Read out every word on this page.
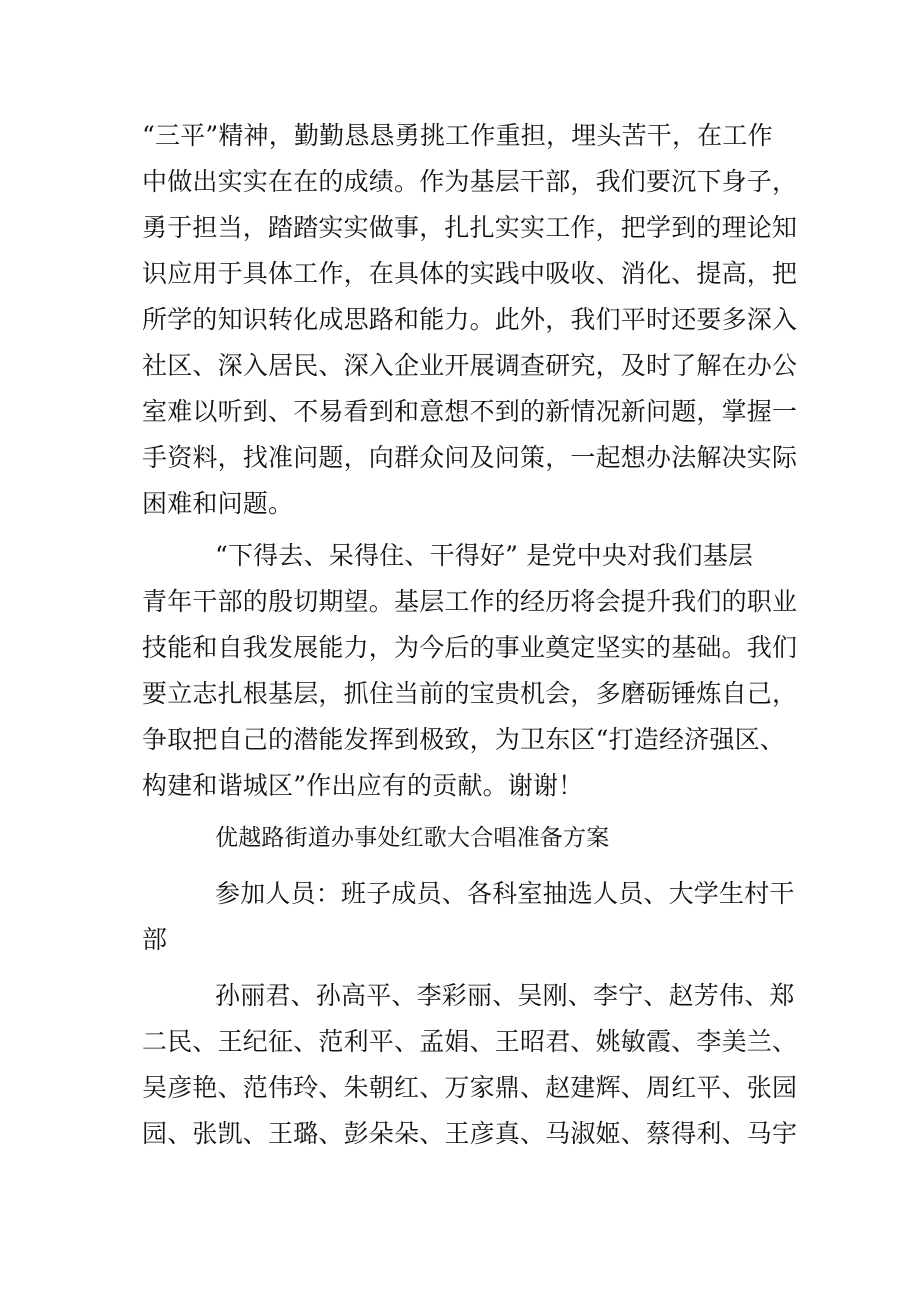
“三平”精神，勤勤恳恳勇挑工作重担，埋头苦干，在工作
中做出实实在在的成绩。作为基层干部，我们要沉下身子，
勇于担当，踏踏实实做事，扎扎实实工作，把学到的理论知
识应用于具体工作，在具体的实践中吸收、消化、提高，把
所学的知识转化成思路和能力。此外，我们平时还要多深入
社区、深入居民、深入企业开展调查研究，及时了解在办公
室难以听到、不易看到和意想不到的新情况新问题，掌握一
手资料，找准问题，向群众问及问策，一起想办法解决实际
困难和问题。
“下得去、呆得住、干得好” 是党中央对我们基层
青年干部的殷切期望。基层工作的经历将会提升我们的职业
技能和自我发展能力，为今后的事业奠定坚实的基础。我们
要立志扎根基层，抓住当前的宝贵机会，多磨砺锤炼自己，
争取把自己的潜能发挥到极致，为卫东区“打造经济强区、
构建和谐城区”作出应有的贡献。谢谢！
优越路街道办事处红歌大合唱准备方案
参加人员：班子成员、各科室抽选人员、大学生村干
部
孙丽君、孙高平、李彩丽、吴刚、李宁、赵芳伟、郑
二民、王纪征、范利平、孟娟、王昭君、姚敏霞、李美兰、
吴彦艳、范伟玲、朱朝红、万家鼎、赵建辉、周红平、张园
园、张凯、王璐、彭朵朵、王彦真、马淑姬、蔡得利、马宇
